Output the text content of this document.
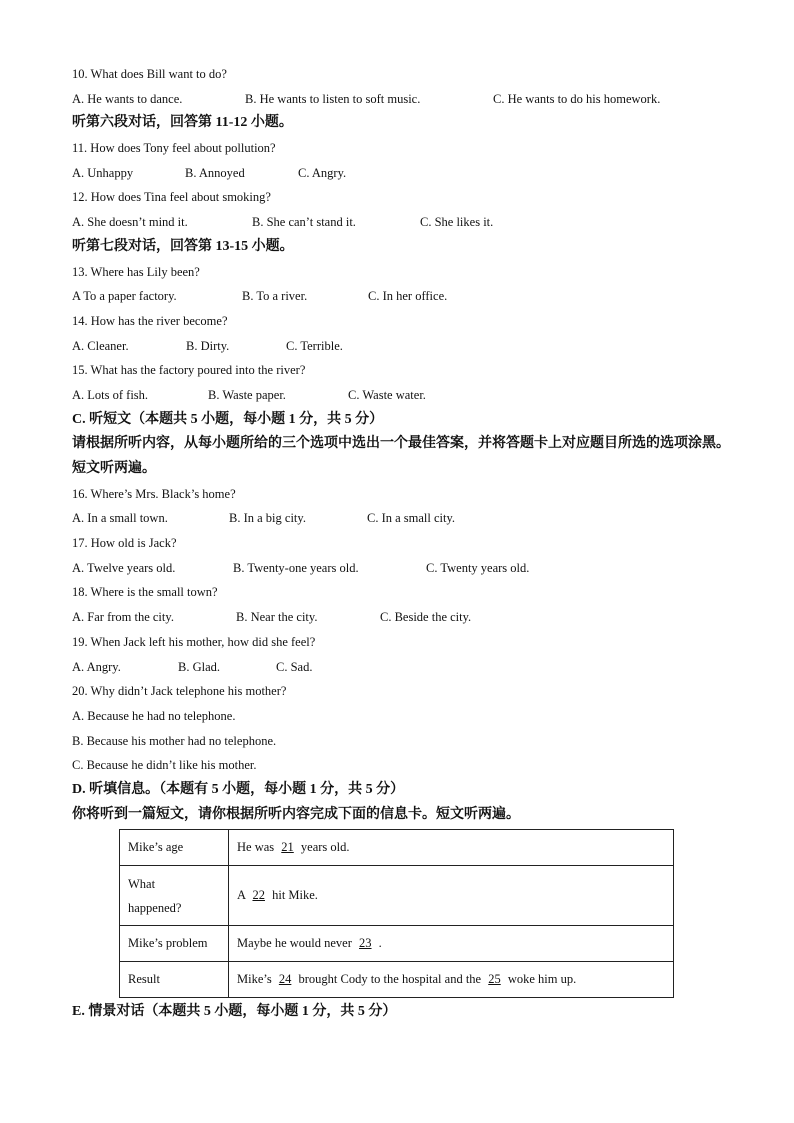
10. What does Bill want to do?
A. He wants to dance.	B. He wants to listen to soft music.	C. He wants to do his homework.
听第六段对话，回答第 11-12 小题。
11. How does Tony feel about pollution?
A. Unhappy	B. Annoyed	C. Angry.
12. How does Tina feel about smoking?
A. She doesn’t mind it.	B. She can’t stand it.	C. She likes it.
听第七段对话，回答第 13-15 小题。
13. Where has Lily been?
A To a paper factory.	B. To a river.	C. In her office.
14. How has the river become?
A. Cleaner.	B. Dirty.	C. Terrible.
15. What has the factory poured into the river?
A. Lots of fish.	B. Waste paper.	C. Waste water.
C. 听短文（本题共 5 小题，每小题 1 分，共 5 分）
请根据所听内容，从每小题所给的三个选项中选出一个最佳答案，并将答题卡上对应题目所选的选项涂黑。短文听两遍。
16. Where’s Mrs. Black’s home?
A. In a small town.	B. In a big city.	C. In a small city.
17. How old is Jack?
A. Twelve years old.	B. Twenty-one years old.	C. Twenty years old.
18. Where is the small town?
A. Far from the city.	B. Near the city.	C. Beside the city.
19. When Jack left his mother, how did she feel?
A. Angry.	B. Glad.	C. Sad.
20. Why didn’t Jack telephone his mother?
A. Because he had no telephone.
B. Because his mother had no telephone.
C. Because he didn’t like his mother.
D. 听填信息。（本题有 5 小题，每小题 1 分，共 5 分）
你将听到一篇短文，请你根据所听内容完成下面的信息卡。短文听两遍。
Mike’s age	He was 21 years old.
What
happened?	A 22 hit Mike.
Mike’s problem	Maybe he would never 23 .
Result	Mike’s 24 brought Cody to the hospital and the 25 woke him up.
E. 情景对话（本题共 5 小题，每小题 1 分，共 5 分）
